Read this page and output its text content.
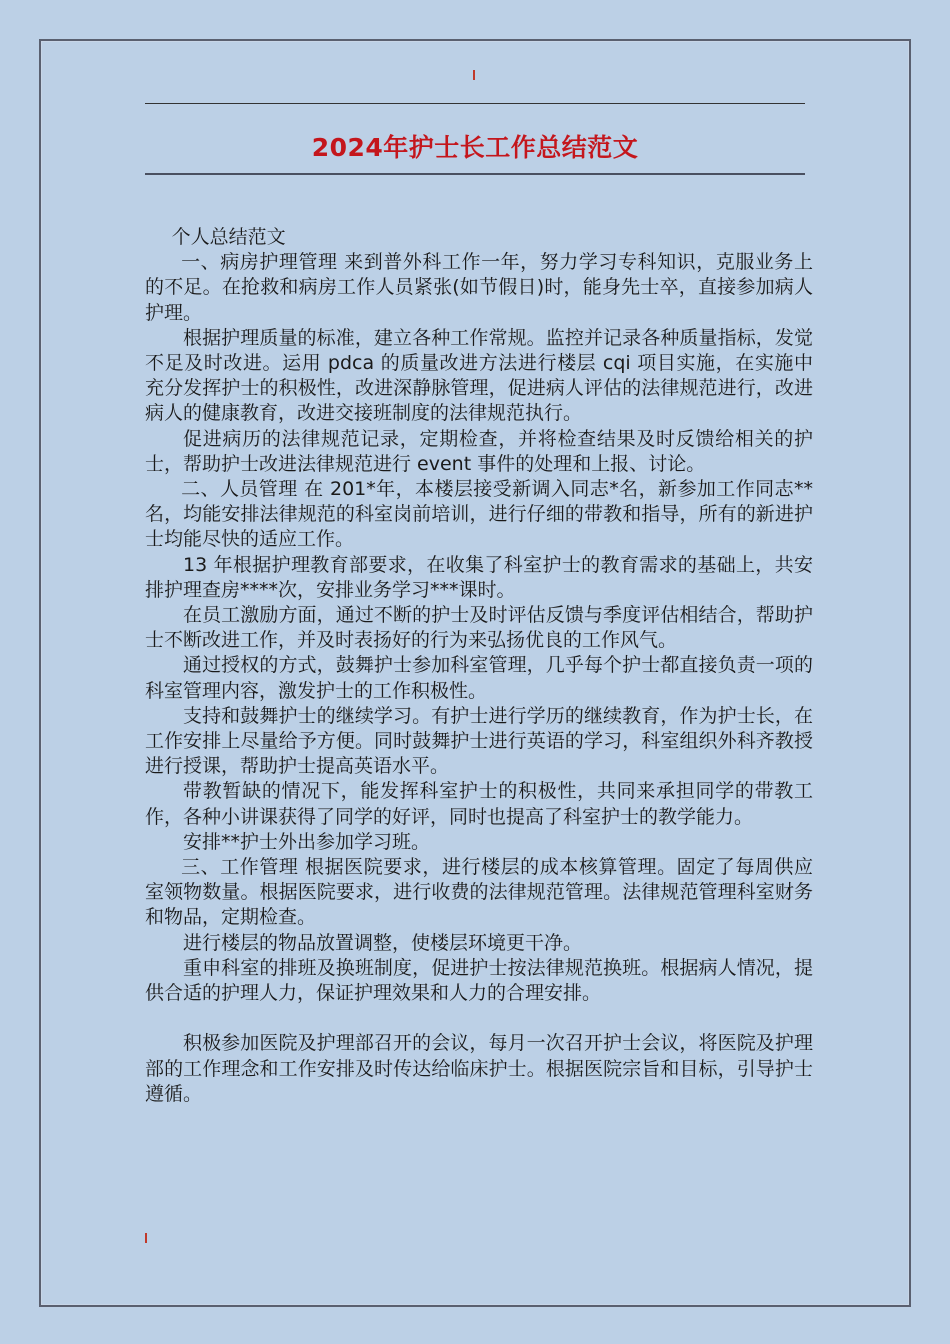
2024年护士长工作总结范文

个人总结范文

一、病房护理管理 来到普外科工作一年，努力学习专科知识，克服业务上的不足。在抢救和病房工作人员紧张(如节假日)时，能身先士卒，直接参加病人护理。

根据护理质量的标准，建立各种工作常规。监控并记录各种质量指标，发觉不足及时改进。运用 pdca 的质量改进方法进行楼层 cqi 项目实施，在实施中充分发挥护士的积极性，改进深静脉管理，促进病人评估的法律规范进行，改进病人的健康教育，改进交接班制度的法律规范执行。

促进病历的法律规范记录，定期检查，并将检查结果及时反馈给相关的护士，帮助护士改进法律规范进行 event 事件的处理和上报、讨论。

二、人员管理 在 201*年，本楼层接受新调入同志*名，新参加工作同志**名，均能安排法律规范的科室岗前培训，进行仔细的带教和指导，所有的新进护士均能尽快的适应工作。

13 年根据护理教育部要求，在收集了科室护士的教育需求的基础上，共安排护理查房****次，安排业务学习***课时。

在员工激励方面，通过不断的护士及时评估反馈与季度评估相结合，帮助护士不断改进工作，并及时表扬好的行为来弘扬优良的工作风气。

通过授权的方式，鼓舞护士参加科室管理，几乎每个护士都直接负责一项的科室管理内容，激发护士的工作积极性。

支持和鼓舞护士的继续学习。有护士进行学历的继续教育，作为护士长，在工作安排上尽量给予方便。同时鼓舞护士进行英语的学习，科室组织外科齐教授进行授课，帮助护士提高英语水平。

带教暂缺的情况下，能发挥科室护士的积极性，共同来承担同学的带教工作，各种小讲课获得了同学的好评，同时也提高了科室护士的教学能力。

安排**护士外出参加学习班。

三、工作管理 根据医院要求，进行楼层的成本核算管理。固定了每周供应室领物数量。根据医院要求，进行收费的法律规范管理。法律规范管理科室财务和物品，定期检查。

进行楼层的物品放置调整，使楼层环境更干净。

重申科室的排班及换班制度，促进护士按法律规范换班。根据病人情况，提供合适的护理人力，保证护理效果和人力的合理安排。

积极参加医院及护理部召开的会议，每月一次召开护士会议，将医院及护理部的工作理念和工作安排及时传达给临床护士。根据医院宗旨和目标，引导护士遵循。
